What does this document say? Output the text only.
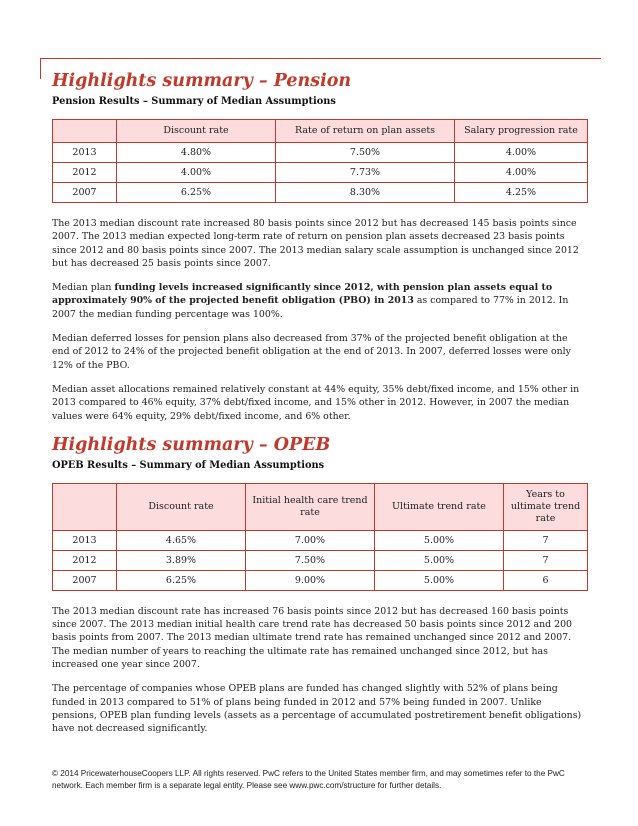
Highlights summary – Pension
Pension Results – Summary of Median Assumptions
	Discount rate	Rate of return on plan assets	Salary progression rate
2013	4.80%	7.50%	4.00%
2012	4.00%	7.73%	4.00%
2007	6.25%	8.30%	4.25%

The 2013 median discount rate increased 80 basis points since 2012 but has decreased 145 basis points since 2007. The 2013 median expected long-term rate of return on pension plan assets decreased 23 basis points since 2012 and 80 basis points since 2007. The 2013 median salary scale assumption is unchanged since 2012 but has decreased 25 basis points since 2007.

Median plan funding levels increased significantly since 2012, with pension plan assets equal to approximately 90% of the projected benefit obligation (PBO) in 2013 as compared to 77% in 2012. In 2007 the median funding percentage was 100%.

Median deferred losses for pension plans also decreased from 37% of the projected benefit obligation at the end of 2012 to 24% of the projected benefit obligation at the end of 2013. In 2007, deferred losses were only 12% of the PBO.

Median asset allocations remained relatively constant at 44% equity, 35% debt/fixed income, and 15% other in 2013 compared to 46% equity, 37% debt/fixed income, and 15% other in 2012. However, in 2007 the median values were 64% equity, 29% debt/fixed income, and 6% other.

Highlights summary – OPEB
OPEB Results – Summary of Median Assumptions
	Discount rate	Initial health care trend rate	Ultimate trend rate	Years to ultimate trend rate
2013	4.65%	7.00%	5.00%	7
2012	3.89%	7.50%	5.00%	7
2007	6.25%	9.00%	5.00%	6

The 2013 median discount rate has increased 76 basis points since 2012 but has decreased 160 basis points since 2007. The 2013 median initial health care trend rate has decreased 50 basis points since 2012 and 200 basis points from 2007. The 2013 median ultimate trend rate has remained unchanged since 2012 and 2007. The median number of years to reaching the ultimate rate has remained unchanged since 2012, but has increased one year since 2007.

The percentage of companies whose OPEB plans are funded has changed slightly with 52% of plans being funded in 2013 compared to 51% of plans being funded in 2012 and 57% being funded in 2007. Unlike pensions, OPEB plan funding levels (assets as a percentage of accumulated postretirement benefit obligations) have not decreased significantly.

© 2014 PricewaterhouseCoopers LLP. All rights reserved. PwC refers to the United States member firm, and may sometimes refer to the PwC network. Each member firm is a separate legal entity. Please see www.pwc.com/structure for further details.
